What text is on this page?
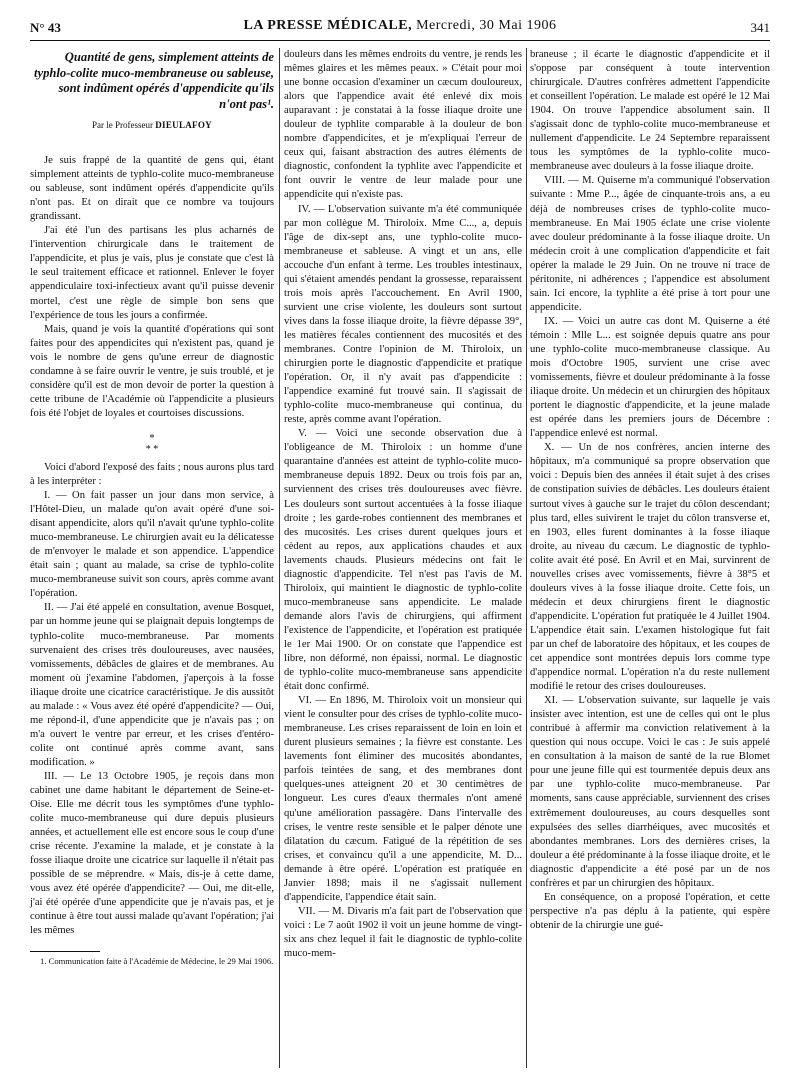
N° 43	LA PRESSE MÉDICALE, Mercredi, 30 Mai 1906	341
Quantité de gens, simplement atteints de typhlo-colite muco-membraneuse ou sableuse, sont indûment opérés d'appendicite qu'ils n'ont pas¹.
Par le Professeur DIEULAFOY

Je suis frappé de la quantité de gens qui, étant simplement atteints de typhlo-colite muco-membraneuse ou sableuse, sont indûment opérés d'appendicite qu'ils n'ont pas. Et on dirait que ce nombre va toujours grandissant.

J'ai été l'un des partisans les plus acharnés de l'intervention chirurgicale dans le traitement de l'appendicite, et plus je vais, plus je constate que c'est là le seul traitement efficace et rationnel. Enlever le foyer appendiculaire toxi-infectieux avant qu'il puisse devenir mortel, c'est une règle de simple bon sens que l'expérience de tous les jours a confirmée.

Mais, quand je vois la quantité d'opérations qui sont faites pour des appendicites qui n'existent pas, quand je vois le nombre de gens qu'une erreur de diagnostic condamne à se faire ouvrir le ventre, je suis troublé, et je considère qu'il est de mon devoir de porter la question à cette tribune de l'Académie où l'appendicite a plusieurs fois été l'objet de loyales et courtoises discussions.

*
* *

Voici d'abord l'exposé des faits ; nous aurons plus tard à les interpréter :

I. — On fait passer un jour dans mon service, à l'Hôtel-Dieu, un malade qu'on avait opéré d'une soi-disant appendicite, alors qu'il n'avait qu'une typhlo-colite muco-membraneuse. Le chirurgien avait eu la délicatesse de m'envoyer le malade et son appendice. L'appendice était sain ; quant au malade, sa crise de typhlo-colite muco-membraneuse suivit son cours, après comme avant l'opération.

II. — J'ai été appelé en consultation, avenue Bosquet, par un homme jeune qui se plaignait depuis longtemps de typhlo-colite muco-membraneuse. Par moments survenaient des crises très douloureuses, avec nausées, vomissements, débâcles de glaires et de membranes. Au moment où j'examine l'abdomen, j'aperçois à la fosse iliaque droite une cicatrice caractéristique. Je dis aussitôt au malade : « Vous avez été opéré d'appendicite? — Oui, me répond-il, d'une appendicite que je n'avais pas ; on m'a ouvert le ventre par erreur, et les crises d'entéro-colite ont continué après comme avant, sans modification. »

III. — Le 13 Octobre 1905, je reçois dans mon cabinet une dame habitant le département de Seine-et-Oise. Elle me décrit tous les symptômes d'une typhlo-colite muco-membraneuse qui dure depuis plusieurs années, et actuellement elle est encore sous le coup d'une crise récente. J'examine la malade, et je constate à la fosse iliaque droite une cicatrice sur laquelle il n'était pas possible de se méprendre. « Mais, dis-je à cette dame, vous avez été opérée d'appendicite? — Oui, me dit-elle, j'ai été opérée d'une appendicite que je n'avais pas, et je continue à être tout aussi malade qu'avant l'opération; j'ai les mêmes

1. Communication faite à l'Académie de Médecine, le 29 Mai 1906.

douleurs dans les mêmes endroits du ventre, je rends les mêmes glaires et les mêmes peaux. » C'était pour moi une bonne occasion d'examiner un cæcum douloureux, alors que l'appendice avait été enlevé dix mois auparavant : je constatai à la fosse iliaque droite une douleur de typhlite comparable à la douleur de bon nombre d'appendicites, et je m'expliquai l'erreur de ceux qui, faisant abstraction des autres éléments de diagnostic, confondent la typhlite avec l'appendicite et font ouvrir le ventre de leur malade pour une appendicite qui n'existe pas.

IV. — L'observation suivante m'a été communiquée par mon collègue M. Thiroloix. Mme C..., a, depuis l'âge de dix-sept ans, une typhlo-colite muco-membraneuse et sableuse. A vingt et un ans, elle accouche d'un enfant à terme. Les troubles intestinaux, qui s'étaient amendés pendant la grossesse, reparaissent trois mois après l'accouchement. En Avril 1900, survient une crise violente, les douleurs sont surtout vives dans la fosse iliaque droite, la fièvre dépasse 39°, les matières fécales contiennent des mucosités et des membranes. Contre l'opinion de M. Thiroloix, un chirurgien porte le diagnostic d'appendicite et pratique l'opération. Or, il n'y avait pas d'appendicite : l'appendice examiné fut trouvé sain. Il s'agissait de typhlo-colite muco-membraneuse qui continua, du reste, après comme avant l'opération.

V. — Voici une seconde observation due à l'obligeance de M. Thiroloix : un homme d'une quarantaine d'années est atteint de typhlo-colite muco-membraneuse depuis 1892. Deux ou trois fois par an, surviennent des crises très douloureuses avec fièvre. Les douleurs sont surtout accentuées à la fosse iliaque droite ; les garde-robes contiennent des membranes et des mucosités. Les crises durent quelques jours et cèdent au repos, aux applications chaudes et aux lavements chauds. Plusieurs médecins ont fait le diagnostic d'appendicite. Tel n'est pas l'avis de M. Thiroloix, qui maintient le diagnostic de typhlo-colite muco-membraneuse sans appendicite. Le malade demande alors l'avis de chirurgiens, qui affirment l'existence de l'appendicite, et l'opération est pratiquée le 1er Mai 1900. Or on constate que l'appendice est libre, non déformé, non épaissi, normal. Le diagnostic de typhlo-colite muco-membraneuse sans appendicite était donc confirmé.

VI. — En 1896, M. Thiroloix voit un monsieur qui vient le consulter pour des crises de typhlo-colite muco-membraneuse. Les crises reparaissent de loin en loin et durent plusieurs semaines ; la fièvre est constante. Les lavements font éliminer des mucosités abondantes, parfois teintées de sang, et des membranes dont quelques-unes atteignent 20 et 30 centimètres de longueur. Les cures d'eaux thermales n'ont amené qu'une amélioration passagère. Dans l'intervalle des crises, le ventre reste sensible et le palper dénote une dilatation du cæcum. Fatigué de la répétition de ses crises, et convaincu qu'il a une appendicite, M. D... demande à être opéré. L'opération est pratiquée en Janvier 1898; mais il ne s'agissait nullement d'appendicite, l'appendice était sain.

VII. — M. Divaris m'a fait part de l'observation que voici : Le 7 août 1902 il voit un jeune homme de vingt-six ans chez lequel il fait le diagnostic de typhlo-colite muco-mem-

braneuse ; il écarte le diagnostic d'appendicite et il s'oppose par conséquent à toute intervention chirurgicale. D'autres confrères admettent l'appendicite et conseillent l'opération. Le malade est opéré le 12 Mai 1904. On trouve l'appendice absolument sain. Il s'agissait donc de typhlo-colite muco-membraneuse et nullement d'appendicite. Le 24 Septembre reparaissent tous les symptômes de la typhlo-colite muco-membraneuse avec douleurs à la fosse iliaque droite.

VIII. — M. Quiserne m'a communiqué l'observation suivante : Mme P..., âgée de cinquante-trois ans, a eu déjà de nombreuses crises de typhlo-colite muco-membraneuse. En Mai 1905 éclate une crise violente avec douleur prédominante à la fosse iliaque droite. Un médecin croit à une complication d'appendicite et fait opérer la malade le 29 Juin. On ne trouve ni trace de péritonite, ni adhérences ; l'appendice est absolument sain. Ici encore, la typhlite a été prise à tort pour une appendicite.

IX. — Voici un autre cas dont M. Quiserne a été témoin : Mlle L... est soignée depuis quatre ans pour une typhlo-colite muco-membraneuse classique. Au mois d'Octobre 1905, survient une crise avec vomissements, fièvre et douleur prédominante à la fosse iliaque droite. Un médecin et un chirurgien des hôpitaux portent le diagnostic d'appendicite, et la jeune malade est opérée dans les premiers jours de Décembre : l'appendice enlevé est normal.

X. — Un de nos confrères, ancien interne des hôpitaux, m'a communiqué sa propre observation que voici : Depuis bien des années il était sujet à des crises de constipation suivies de débâcles. Les douleurs étaient surtout vives à gauche sur le trajet du côlon descendant; plus tard, elles suivirent le trajet du côlon transverse et, en 1903, elles furent dominantes à la fosse iliaque droite, au niveau du cæcum. Le diagnostic de typhlo-colite avait été posé. En Avril et en Mai, survinrent de nouvelles crises avec vomissements, fièvre à 38°5 et douleurs vives à la fosse iliaque droite. Cette fois, un médecin et deux chirurgiens firent le diagnostic d'appendicite. L'opération fut pratiquée le 4 Juillet 1904. L'appendice était sain. L'examen histologique fut fait par un chef de laboratoire des hôpitaux, et les coupes de cet appendice sont montrées depuis lors comme type d'appendice normal. L'opération n'a du reste nullement modifié le retour des crises douloureuses.

XI. — L'observation suivante, sur laquelle je vais insister avec intention, est une de celles qui ont le plus contribué à affermir ma conviction relativement à la question qui nous occupe. Voici le cas : Je suis appelé en consultation à la maison de santé de la rue Blomet pour une jeune fille qui est tourmentée depuis deux ans par une typhlo-colite muco-membraneuse. Par moments, sans cause appréciable, surviennent des crises extrêmement douloureuses, au cours desquelles sont expulsées des selles diarrhéiques, avec mucosités et abondantes membranes. Lors des dernières crises, la douleur a été prédominante à la fosse iliaque droite, et le diagnostic d'appendicite a été posé par un de nos confrères et par un chirurgien des hôpitaux.

En conséquence, on a proposé l'opération, et cette perspective n'a pas déplu à la patiente, qui espère obtenir de la chirurgie une gué-
